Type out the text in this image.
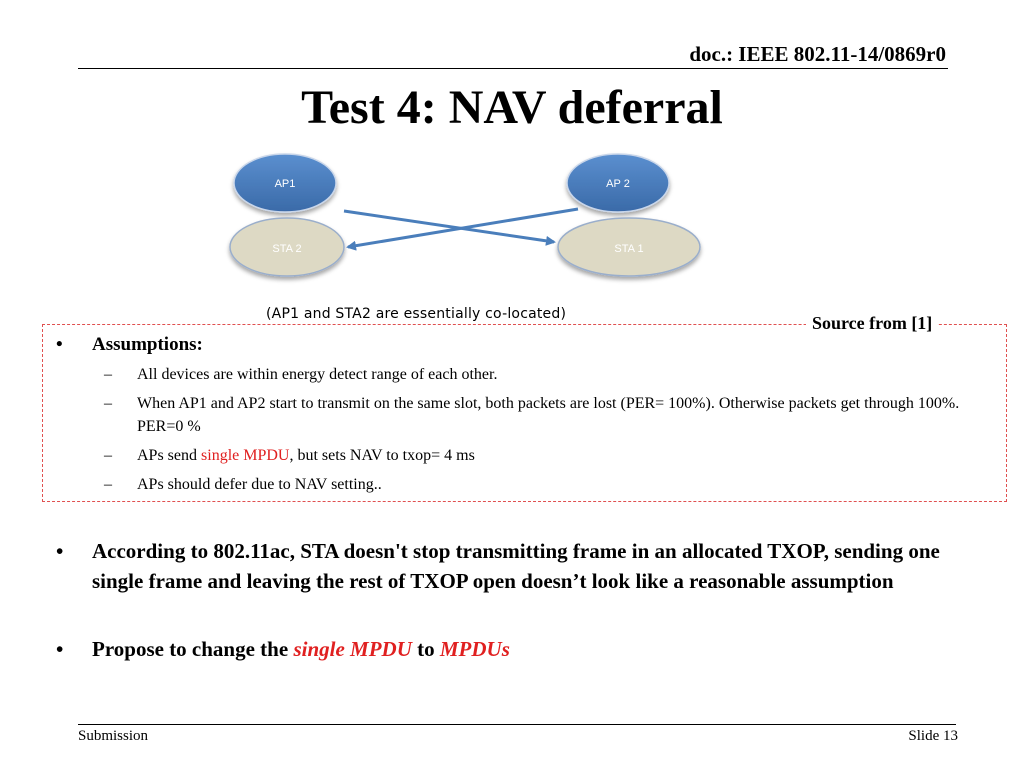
doc.: IEEE 802.11-14/0869r0
Test 4: NAV deferral
AP1	AP 2
STA 2	STA 1
(AP1 and STA2 are essentially co-located)	Source from [1]
•	Assumptions:
–	All devices are within energy detect range of each other.
–	When AP1 and AP2 start to transmit on the same slot, both packets are lost (PER= 100%). Otherwise packets get through 100%. PER=0 %
–	APs send single MPDU, but sets NAV to txop= 4 ms
–	APs should defer due to NAV setting..
•	According to 802.11ac, STA doesn't stop transmitting frame in an allocated TXOP, sending one single frame and leaving the rest of TXOP open doesn’t look like a reasonable assumption
•	Propose to change the single MPDU to MPDUs
Submission	Slide 13
